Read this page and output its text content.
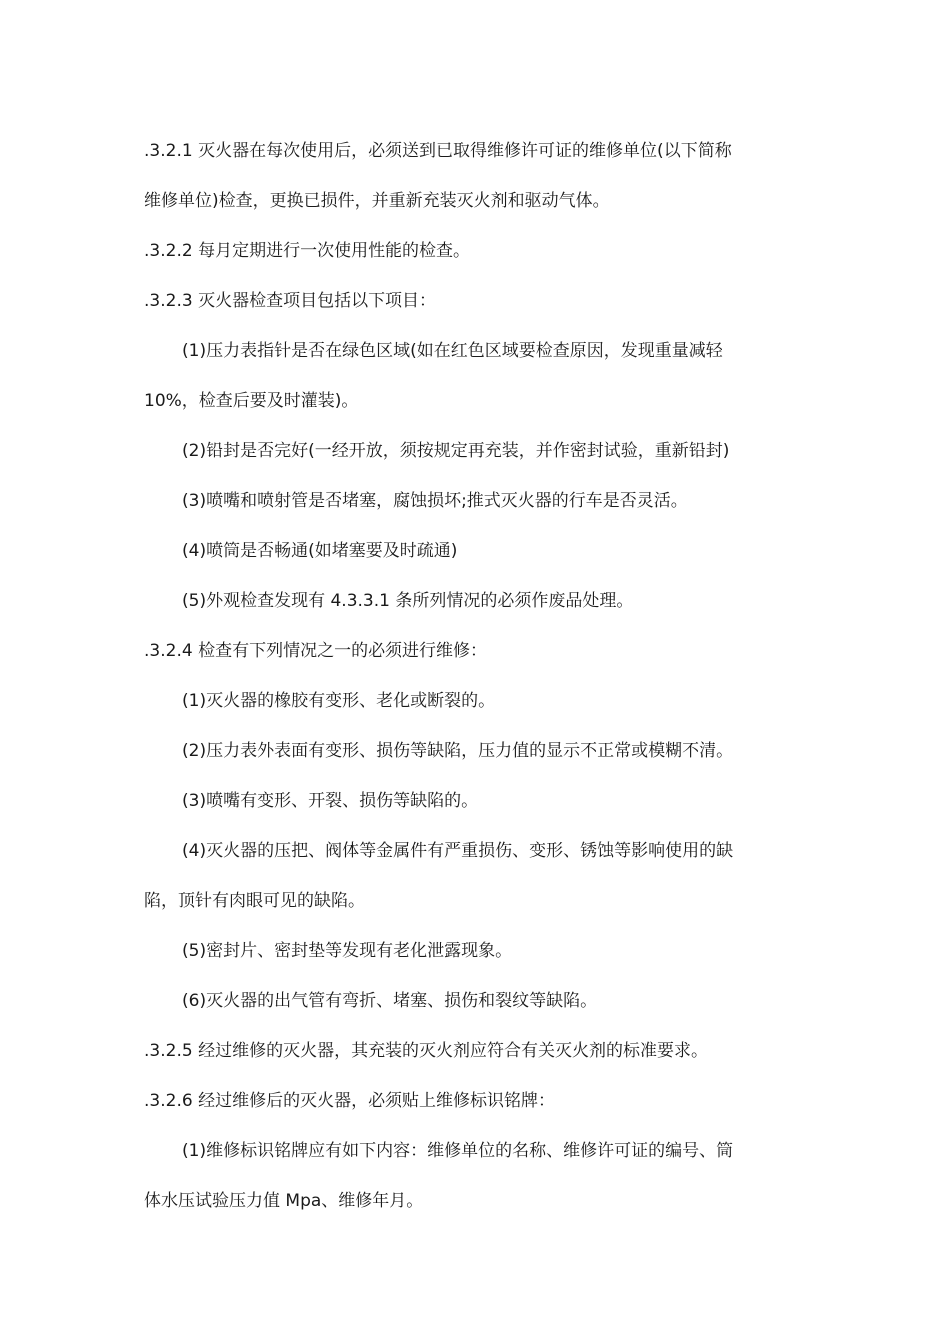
.3.2.1 灭火器在每次使用后，必须送到已取得维修许可证的维修单位(以下简称
维修单位)检查，更换已损件，并重新充装灭火剂和驱动气体。
.3.2.2 每月定期进行一次使用性能的检查。
.3.2.3 灭火器检查项目包括以下项目：
(1)压力表指针是否在绿色区域(如在红色区域要检查原因，发现重量减轻
10%，检查后要及时灌装)。
(2)铅封是否完好(一经开放，须按规定再充装，并作密封试验，重新铅封)
(3)喷嘴和喷射管是否堵塞，腐蚀损坏;推式灭火器的行车是否灵活。
(4)喷筒是否畅通(如堵塞要及时疏通)
(5)外观检查发现有 4.3.3.1 条所列情况的必须作废品处理。
.3.2.4 检查有下列情况之一的必须进行维修：
(1)灭火器的橡胶有变形、老化或断裂的。
(2)压力表外表面有变形、损伤等缺陷，压力值的显示不正常或模糊不清。
(3)喷嘴有变形、开裂、损伤等缺陷的。
(4)灭火器的压把、阀体等金属件有严重损伤、变形、锈蚀等影响使用的缺
陷，顶针有肉眼可见的缺陷。
(5)密封片、密封垫等发现有老化泄露现象。
(6)灭火器的出气管有弯折、堵塞、损伤和裂纹等缺陷。
.3.2.5 经过维修的灭火器，其充装的灭火剂应符合有关灭火剂的标准要求。
.3.2.6 经过维修后的灭火器，必须贴上维修标识铭牌：
(1)维修标识铭牌应有如下内容：维修单位的名称、维修许可证的编号、筒
体水压试验压力值 Mpa、维修年月。
